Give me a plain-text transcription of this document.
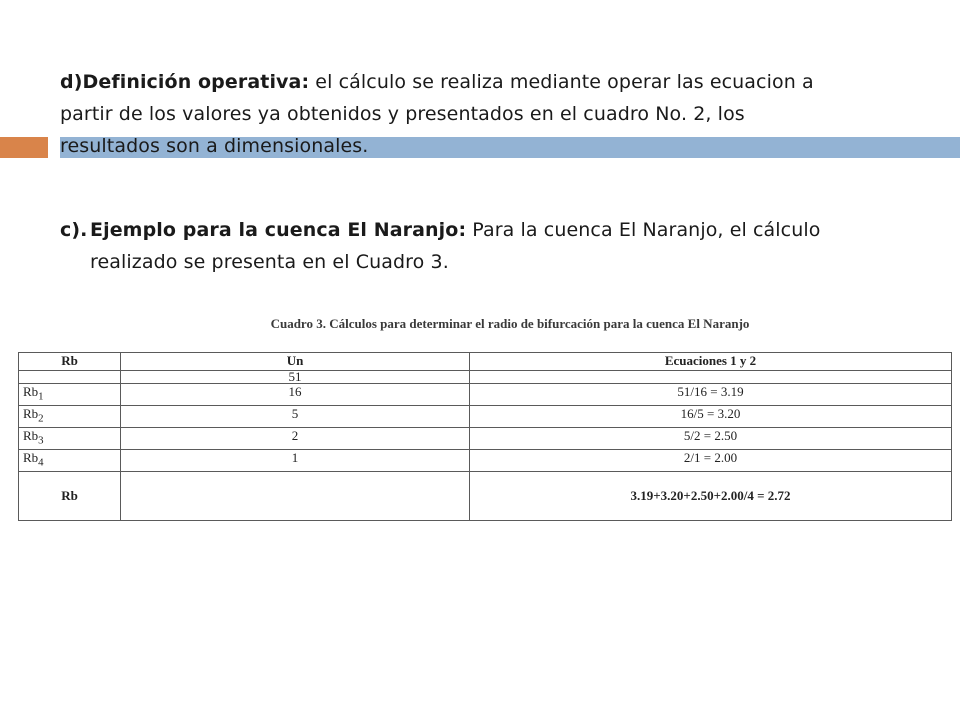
d)Definición operativa: el cálculo se realiza mediante operar las ecuacion a
partir de los valores ya obtenidos y presentados en el cuadro No. 2, los
resultados son a dimensionales.
c). Ejemplo para la cuenca El Naranjo: Para la cuenca El Naranjo, el cálculo
realizado se presenta en el Cuadro 3.
Cuadro 3. Cálculos para determinar el radio de bifurcación para la cuenca El Naranjo
Rb	Un	Ecuaciones 1 y 2
	51	
$Rb_1$	16	51/16 = 3.19
$Rb_2$	5	16/5 = 3.20
$Rb_3$	2	5/2 = 2.50
$Rb_4$	1	2/1 = 2.00
Rb		3.19+3.20+2.50+2.00/4 = 2.72
